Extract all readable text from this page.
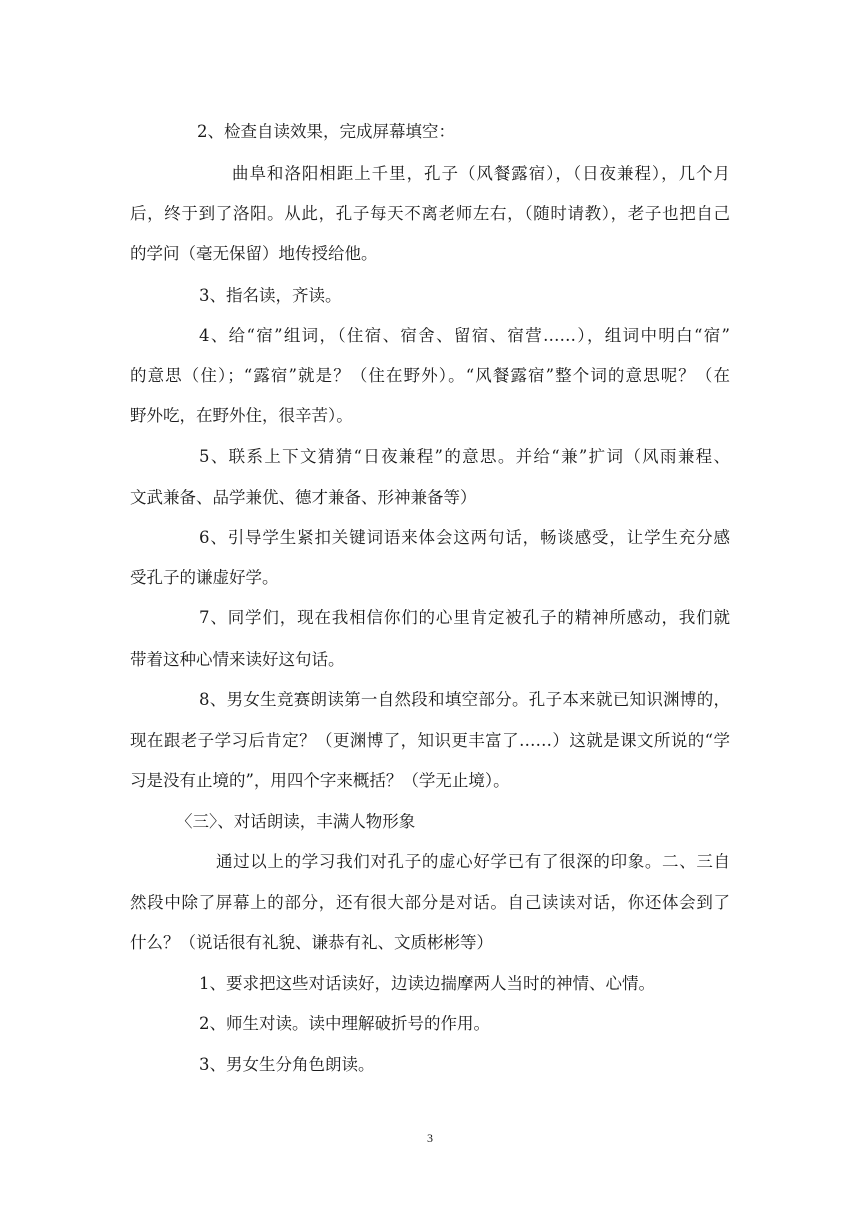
2、检查自读效果，完成屏幕填空：
曲阜和洛阳相距上千里，孔子（风餐露宿），（日夜兼程），几个月
后，终于到了洛阳。从此，孔子每天不离老师左右，（随时请教），老子也把自己
的学问（毫无保留）地传授给他。
3、指名读，齐读。
4、给“宿”组词，（住宿、宿舍、留宿、宿营……），组词中明白“宿”
的意思（住）；“露宿”就是？（住在野外）。“风餐露宿”整个词的意思呢？（在
野外吃，在野外住，很辛苦）。
5、联系上下文猜猜“日夜兼程”的意思。并给“兼”扩词（风雨兼程、
文武兼备、品学兼优、德才兼备、形神兼备等）
6、引导学生紧扣关键词语来体会这两句话，畅谈感受，让学生充分感
受孔子的谦虚好学。
7、同学们，现在我相信你们的心里肯定被孔子的精神所感动，我们就
带着这种心情来读好这句话。
8、男女生竞赛朗读第一自然段和填空部分。孔子本来就已知识渊博的，
现在跟老子学习后肯定？（更渊博了，知识更丰富了……）这就是课文所说的“学
习是没有止境的”，用四个字来概括？（学无止境）。
〈三〉、对话朗读，丰满人物形象
通过以上的学习我们对孔子的虚心好学已有了很深的印象。二、三自
然段中除了屏幕上的部分，还有很大部分是对话。自己读读对话，你还体会到了
什么？（说话很有礼貌、谦恭有礼、文质彬彬等）
1、要求把这些对话读好，边读边揣摩两人当时的神情、心情。
2、师生对读。读中理解破折号的作用。
3、男女生分角色朗读。
3
